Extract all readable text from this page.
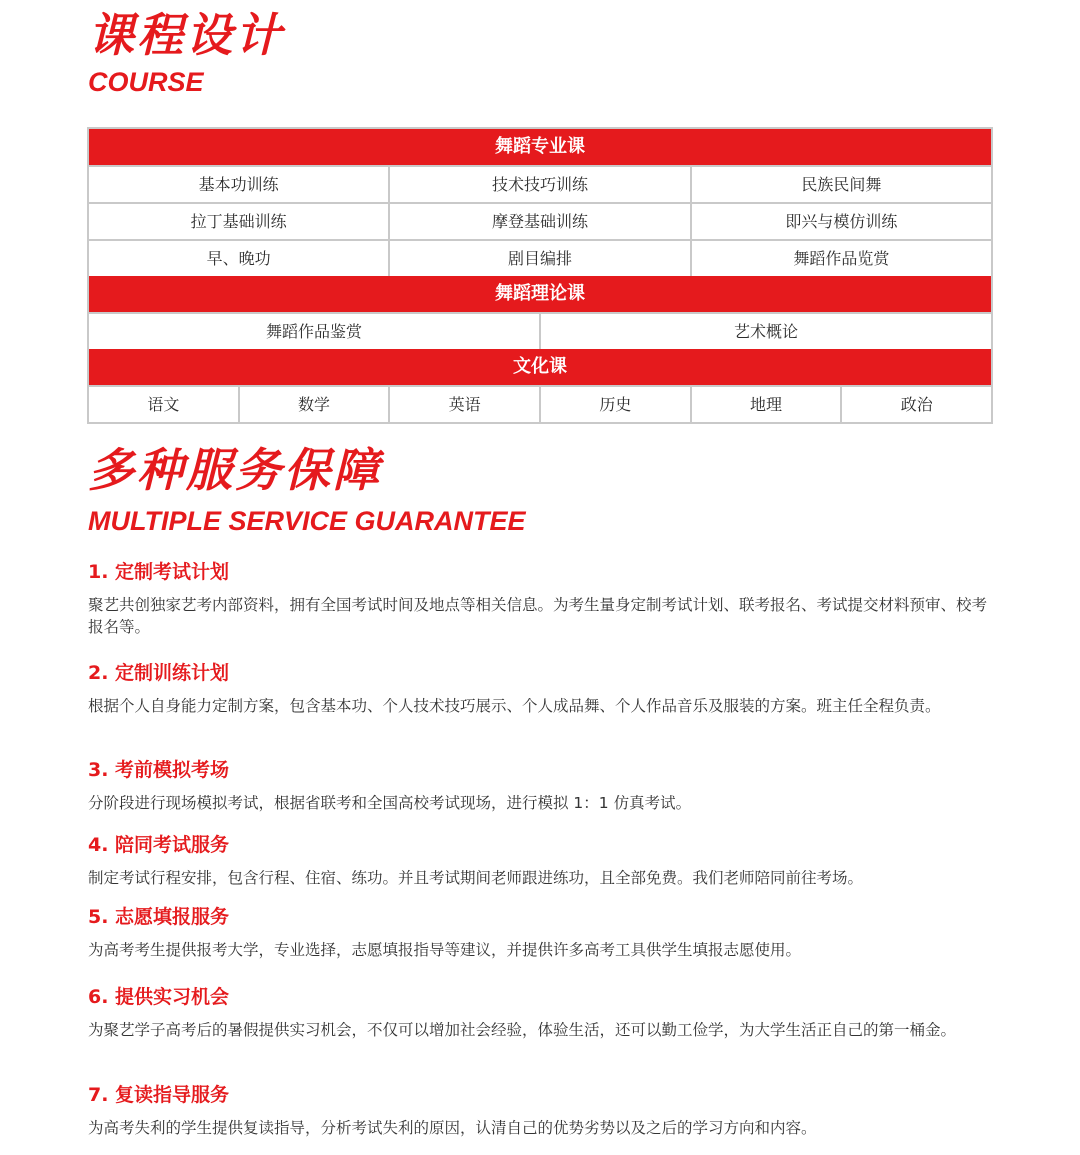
课程设计
COURSE
舞蹈专业课
基本功训练	技术技巧训练	民族民间舞
拉丁基础训练	摩登基础训练	即兴与模仿训练
早、晚功	剧目编排	舞蹈作品览赏
舞蹈理论课
舞蹈作品鉴赏	艺术概论
文化课
语文	数学	英语	历史	地理	政治
多种服务保障
MULTIPLE SERVICE GUARANTEE
1. 定制考试计划
聚艺共创独家艺考内部资料，拥有全国考试时间及地点等相关信息。为考生量身定制考试计划、联考报名、考试提交材料预审、校考报名等。
2. 定制训练计划
根据个人自身能力定制方案，包含基本功、个人技术技巧展示、个人成品舞、个人作品音乐及服装的方案。班主任全程负责。
3. 考前模拟考场
分阶段进行现场模拟考试，根据省联考和全国高校考试现场，进行模拟 1：1 仿真考试。
4. 陪同考试服务
制定考试行程安排，包含行程、住宿、练功。并且考试期间老师跟进练功，且全部免费。我们老师陪同前往考场。
5. 志愿填报服务
为高考考生提供报考大学，专业选择，志愿填报指导等建议，并提供许多高考工具供学生填报志愿使用。
6. 提供实习机会
为聚艺学子高考后的暑假提供实习机会，不仅可以增加社会经验，体验生活，还可以勤工俭学，为大学生活正自己的第一桶金。
7. 复读指导服务
为高考失利的学生提供复读指导，分析考试失利的原因，认清自己的优势劣势以及之后的学习方向和内容。
